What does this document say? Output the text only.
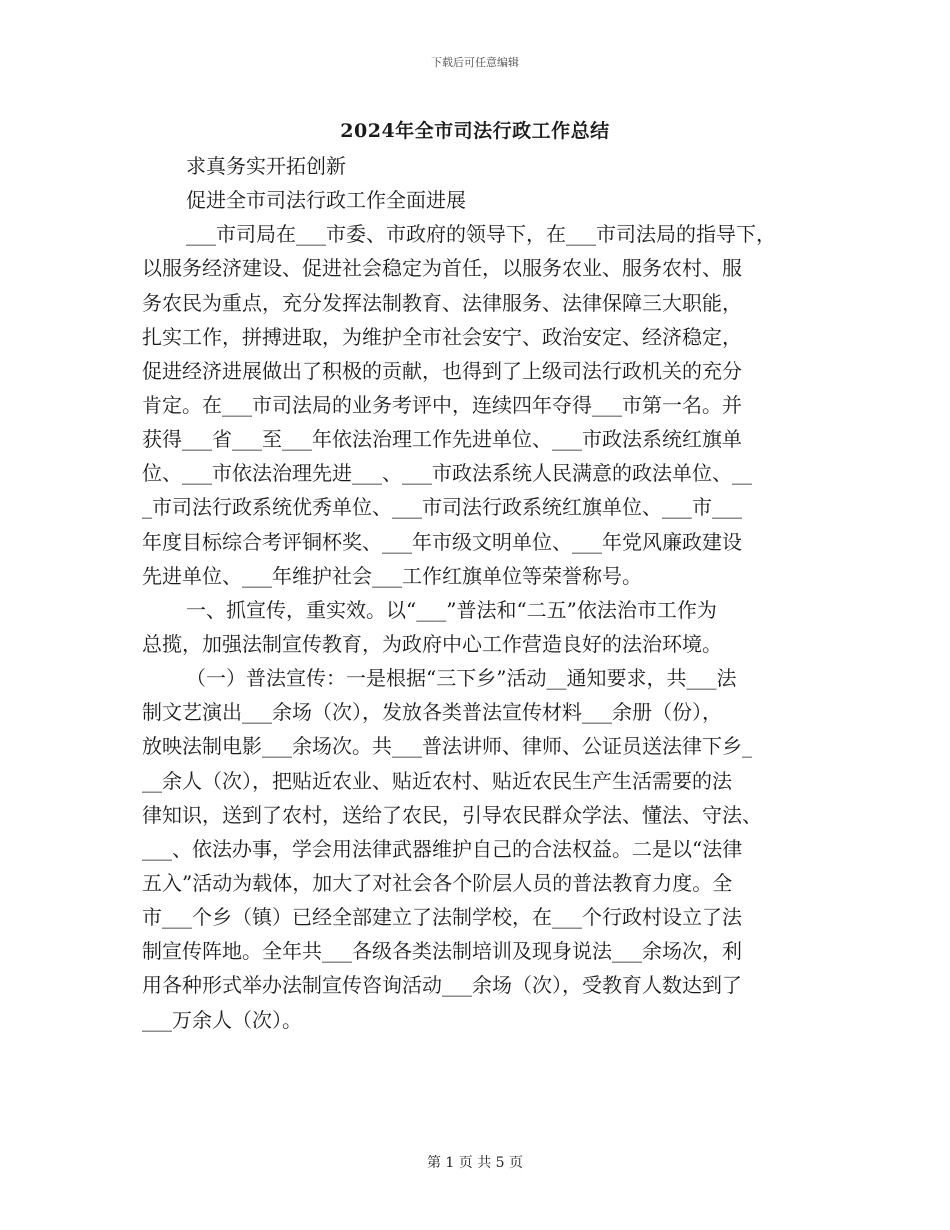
下载后可任意编辑
2024年全市司法行政工作总结
求真务实开拓创新
促进全市司法行政工作全面进展
___市司局在___市委、市政府的领导下，在___市司法局的指导下，
以服务经济建设、促进社会稳定为首任，以服务农业、服务农村、服
务农民为重点，充分发挥法制教育、法律服务、法律保障三大职能，
扎实工作，拼搏进取，为维护全市社会安宁、政治安定、经济稳定，
促进经济进展做出了积极的贡献，也得到了上级司法行政机关的充分
肯定。在___市司法局的业务考评中，连续四年夺得___市第一名。并
获得___省___至___年依法治理工作先进单位、___市政法系统红旗单
位、___市依法治理先进___、___市政法系统人民满意的政法单位、__
_市司法行政系统优秀单位、___市司法行政系统红旗单位、___市___
年度目标综合考评铜杯奖、___年市级文明单位、___年党风廉政建设
先进单位、___年维护社会___工作红旗单位等荣誉称号。
一、抓宣传，重实效。以“___”普法和“二五”依法治市工作为
总揽，加强法制宣传教育，为政府中心工作营造良好的法治环境。
（一）普法宣传：一是根据“三下乡”活动__通知要求，共___法
制文艺演出___余场（次），发放各类普法宣传材料___余册（份），
放映法制电影___余场次。共___普法讲师、律师、公证员送法律下乡_
__余人（次），把贴近农业、贴近农村、贴近农民生产生活需要的法
律知识，送到了农村，送给了农民，引导农民群众学法、懂法、守法、
___、依法办事，学会用法律武器维护自己的合法权益。二是以“法律
五入”活动为载体，加大了对社会各个阶层人员的普法教育力度。全
市___个乡（镇）已经全部建立了法制学校，在___个行政村设立了法
制宣传阵地。全年共___各级各类法制培训及现身说法___余场次，利
用各种形式举办法制宣传咨询活动___余场（次），受教育人数达到了
___万余人（次）。
第 1 页 共 5 页
